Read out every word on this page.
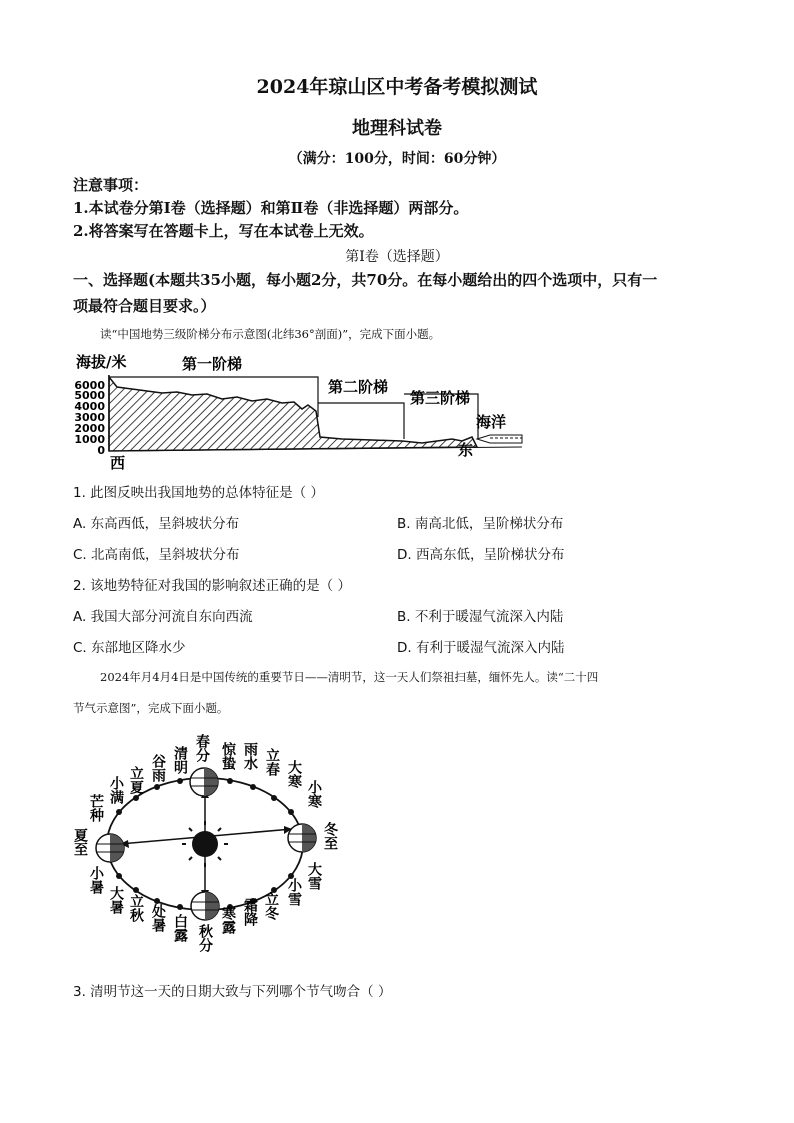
2024年琼山区中考备考模拟测试
地理科试卷
（满分：100分，时间：60分钟）
注意事项：
1.本试卷分第Ⅰ卷（选择题）和第Ⅱ卷（非选择题）两部分。
2.将答案写在答题卡上，写在本试卷上无效。
第Ⅰ卷（选择题）
一、选择题(本题共35小题，每小题2分，共70分。在每小题给出的四个选项中，只有一
项最符合题目要求。）
读“中国地势三级阶梯分布示意图(北纬36°剖面)”，完成下面小题。
海拔/米
6000
5000
4000
3000
2000
1000
0
第一阶梯
第二阶梯
第三阶梯
海洋
西
东
1. 此图反映出我国地势的总体特征是（ ）
A. 东高西低，呈斜坡状分布	B. 南高北低，呈阶梯状分布
C. 北高南低，呈斜坡状分布	D. 西高东低，呈阶梯状分布
2. 该地势特征对我国的影响叙述正确的是（ ）
A. 我国大部分河流自东向西流	B. 不利于暖湿气流深入内陆
C. 东部地区降水少	D. 有利于暖湿气流深入内陆
2024年月4月4日是中国传统的重要节日——清明节，这一天人们祭祖扫墓，缅怀先人。读“二十四
节气示意图”，完成下面小题。
春分 惊蛰 雨水 立春 大寒
小寒
冬至
大雪
小雪
立冬
霜降
寒露
秋分
白露
处暑
立秋
大暑
小暑
夏至
芒种
小满 立夏 谷雨 清明
3. 清明节这一天的日期大致与下列哪个节气吻合（ ）
